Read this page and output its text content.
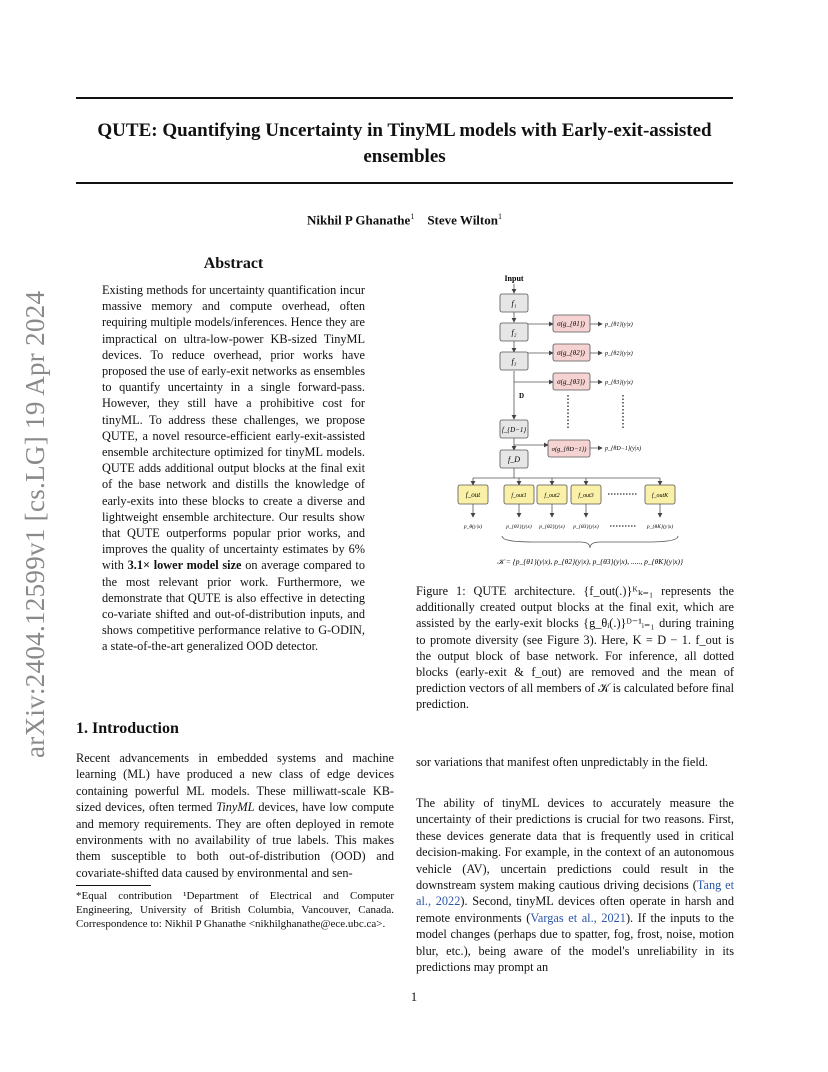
QUTE: Quantifying Uncertainty in TinyML models with Early-exit-assisted ensembles
Nikhil P Ghanathe$^1$ Steve Wilton$^1$
arXiv:2404.12599v1 [cs.LG] 19 Apr 2024
Abstract
Existing methods for uncertainty quantification incur massive memory and compute overhead, often requiring multiple models/inferences. Hence they are impractical on ultra-low-power KB-sized TinyML devices. To reduce overhead, prior works have proposed the use of early-exit networks as ensembles to quantify uncertainty in a single forward-pass. However, they still have a prohibitive cost for tinyML. To address these challenges, we propose QUTE, a novel resource-efficient early-exit-assisted ensemble architecture optimized for tinyML models. QUTE adds additional output blocks at the final exit of the base network and distills the knowledge of early-exits into these blocks to create a diverse and lightweight ensemble architecture. Our results show that QUTE outperforms popular prior works, and improves the quality of uncertainty estimates by 6% with 3.1× lower model size on average compared to the most relevant prior work. Furthermore, we demonstrate that QUTE is also effective in detecting co-variate shifted and out-of-distribution inputs, and shows competitive performance relative to G-ODIN, a state-of-the-art generalized OOD detector.
1. Introduction
Recent advancements in embedded systems and machine learning (ML) have produced a new class of edge devices containing powerful ML models. These milliwatt-scale KB-sized devices, often termed TinyML devices, have low compute and memory requirements. They are often deployed in remote environments with no availability of true labels. This makes them susceptible to both out-of-distribution (OOD) and covariate-shifted data caused by environmental and sen-
*Equal contribution ¹Department of Electrical and Computer Engineering, University of British Columbia, Vancouver, Canada. Correspondence to: Nikhil P Ghanathe <nikhilghanathe@ece.ubc.ca>.
sor variations that manifest often unpredictably in the field.
The ability of tinyML devices to accurately measure the uncertainty of their predictions is crucial for two reasons. First, these devices generate data that is frequently used in critical decision-making. For example, in the context of an autonomous vehicle (AV), uncertain predictions could result in the downstream system making cautious driving decisions (Tang et al., 2022). Second, tinyML devices often operate in harsh and remote environments (Vargas et al., 2021). If the inputs to the model changes (perhaps due to spatter, fog, frost, noise, motion blur, etc.), being aware of the model's unreliability in its predictions may prompt an
Input
f₁
f₂
f₃
f_{D−1}
f_D
D
σ(g_{θ1})
σ(g_{θ2})
σ(g_{θ3})
σ(g_{θD−1})
p_{θ1}(y|x)
p_{θ2}(y|x)
p_{θ3}(y|x)
p_{θD−1}(y|x)
f_out	f_out1	f_out2	f_out3	f_outK
p_θ(y|x)	p_{θ1}(y|x) p_{θ2}(y|x) p_{θ3}(y|x)	p_{θK}(y|x)
𝒦 = {p_{θ1}(y|x), p_{θ2}(y|x), p_{θ3}(y|x), ....., p_{θK}(y|x)}
Figure 1: QUTE architecture. {f_out(.)}ᴷₖ₌₁ represents the additionally created output blocks at the final exit, which are assisted by the early-exit blocks {g_θᵢ(.)}ᴰ⁻¹ᵢ₌₁ during training to promote diversity (see Figure 3). Here, K = D − 1. f_out is the output block of base network. For inference, all dotted blocks (early-exit & f_out) are removed and the mean of prediction vectors of all members of 𝒦 is calculated before final prediction.
1
